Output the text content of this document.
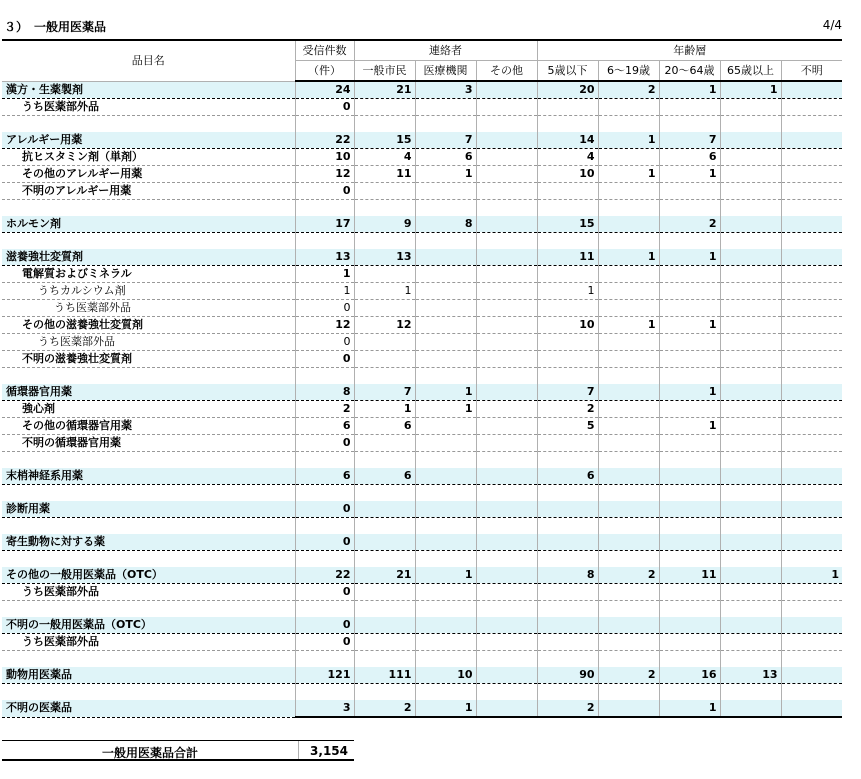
３）　一般用医薬品	4/4
品目名	受信件数	連絡者			年齢層				
	（件）	一般市民	医療機関	その他	5歳以下	6～19歳	20～64歳	65歳以上	不明
漢方・生薬製剤	24	21	3		20	2	1	1	
うち医薬部外品	0								

アレルギー用薬	22	15	7		14	1	7		
抗ヒスタミン剤（単剤）	10	4	6		4		6		
その他のアレルギー用薬	12	11	1		10	1	1		
不明のアレルギー用薬	0								

ホルモン剤	17	9	8		15		2		

滋養強壮変質剤	13	13			11	1	1		
電解質およびミネラル	1								
うちカルシウム剤	1	1			1				
うち医薬部外品	0								
その他の滋養強壮変質剤	12	12			10	1	1		
うち医薬部外品	0								
不明の滋養強壮変質剤	0								

循環器官用薬	8	7	1		7		1		
強心剤	2	1	1		2				
その他の循環器官用薬	6	6			5		1		
不明の循環器官用薬	0								

末梢神経系用薬	6	6			6				

診断用薬	0								

寄生動物に対する薬	0								

その他の一般用医薬品（OTC）	22	21	1		8	2	11		1
うち医薬部外品	0								

不明の一般用医薬品（OTC）	0								
うち医薬部外品	0								

動物用医薬品	121	111	10		90	2	16	13	

不明の医薬品	3	2	1		2		1		
一般用医薬品合計	3,154
